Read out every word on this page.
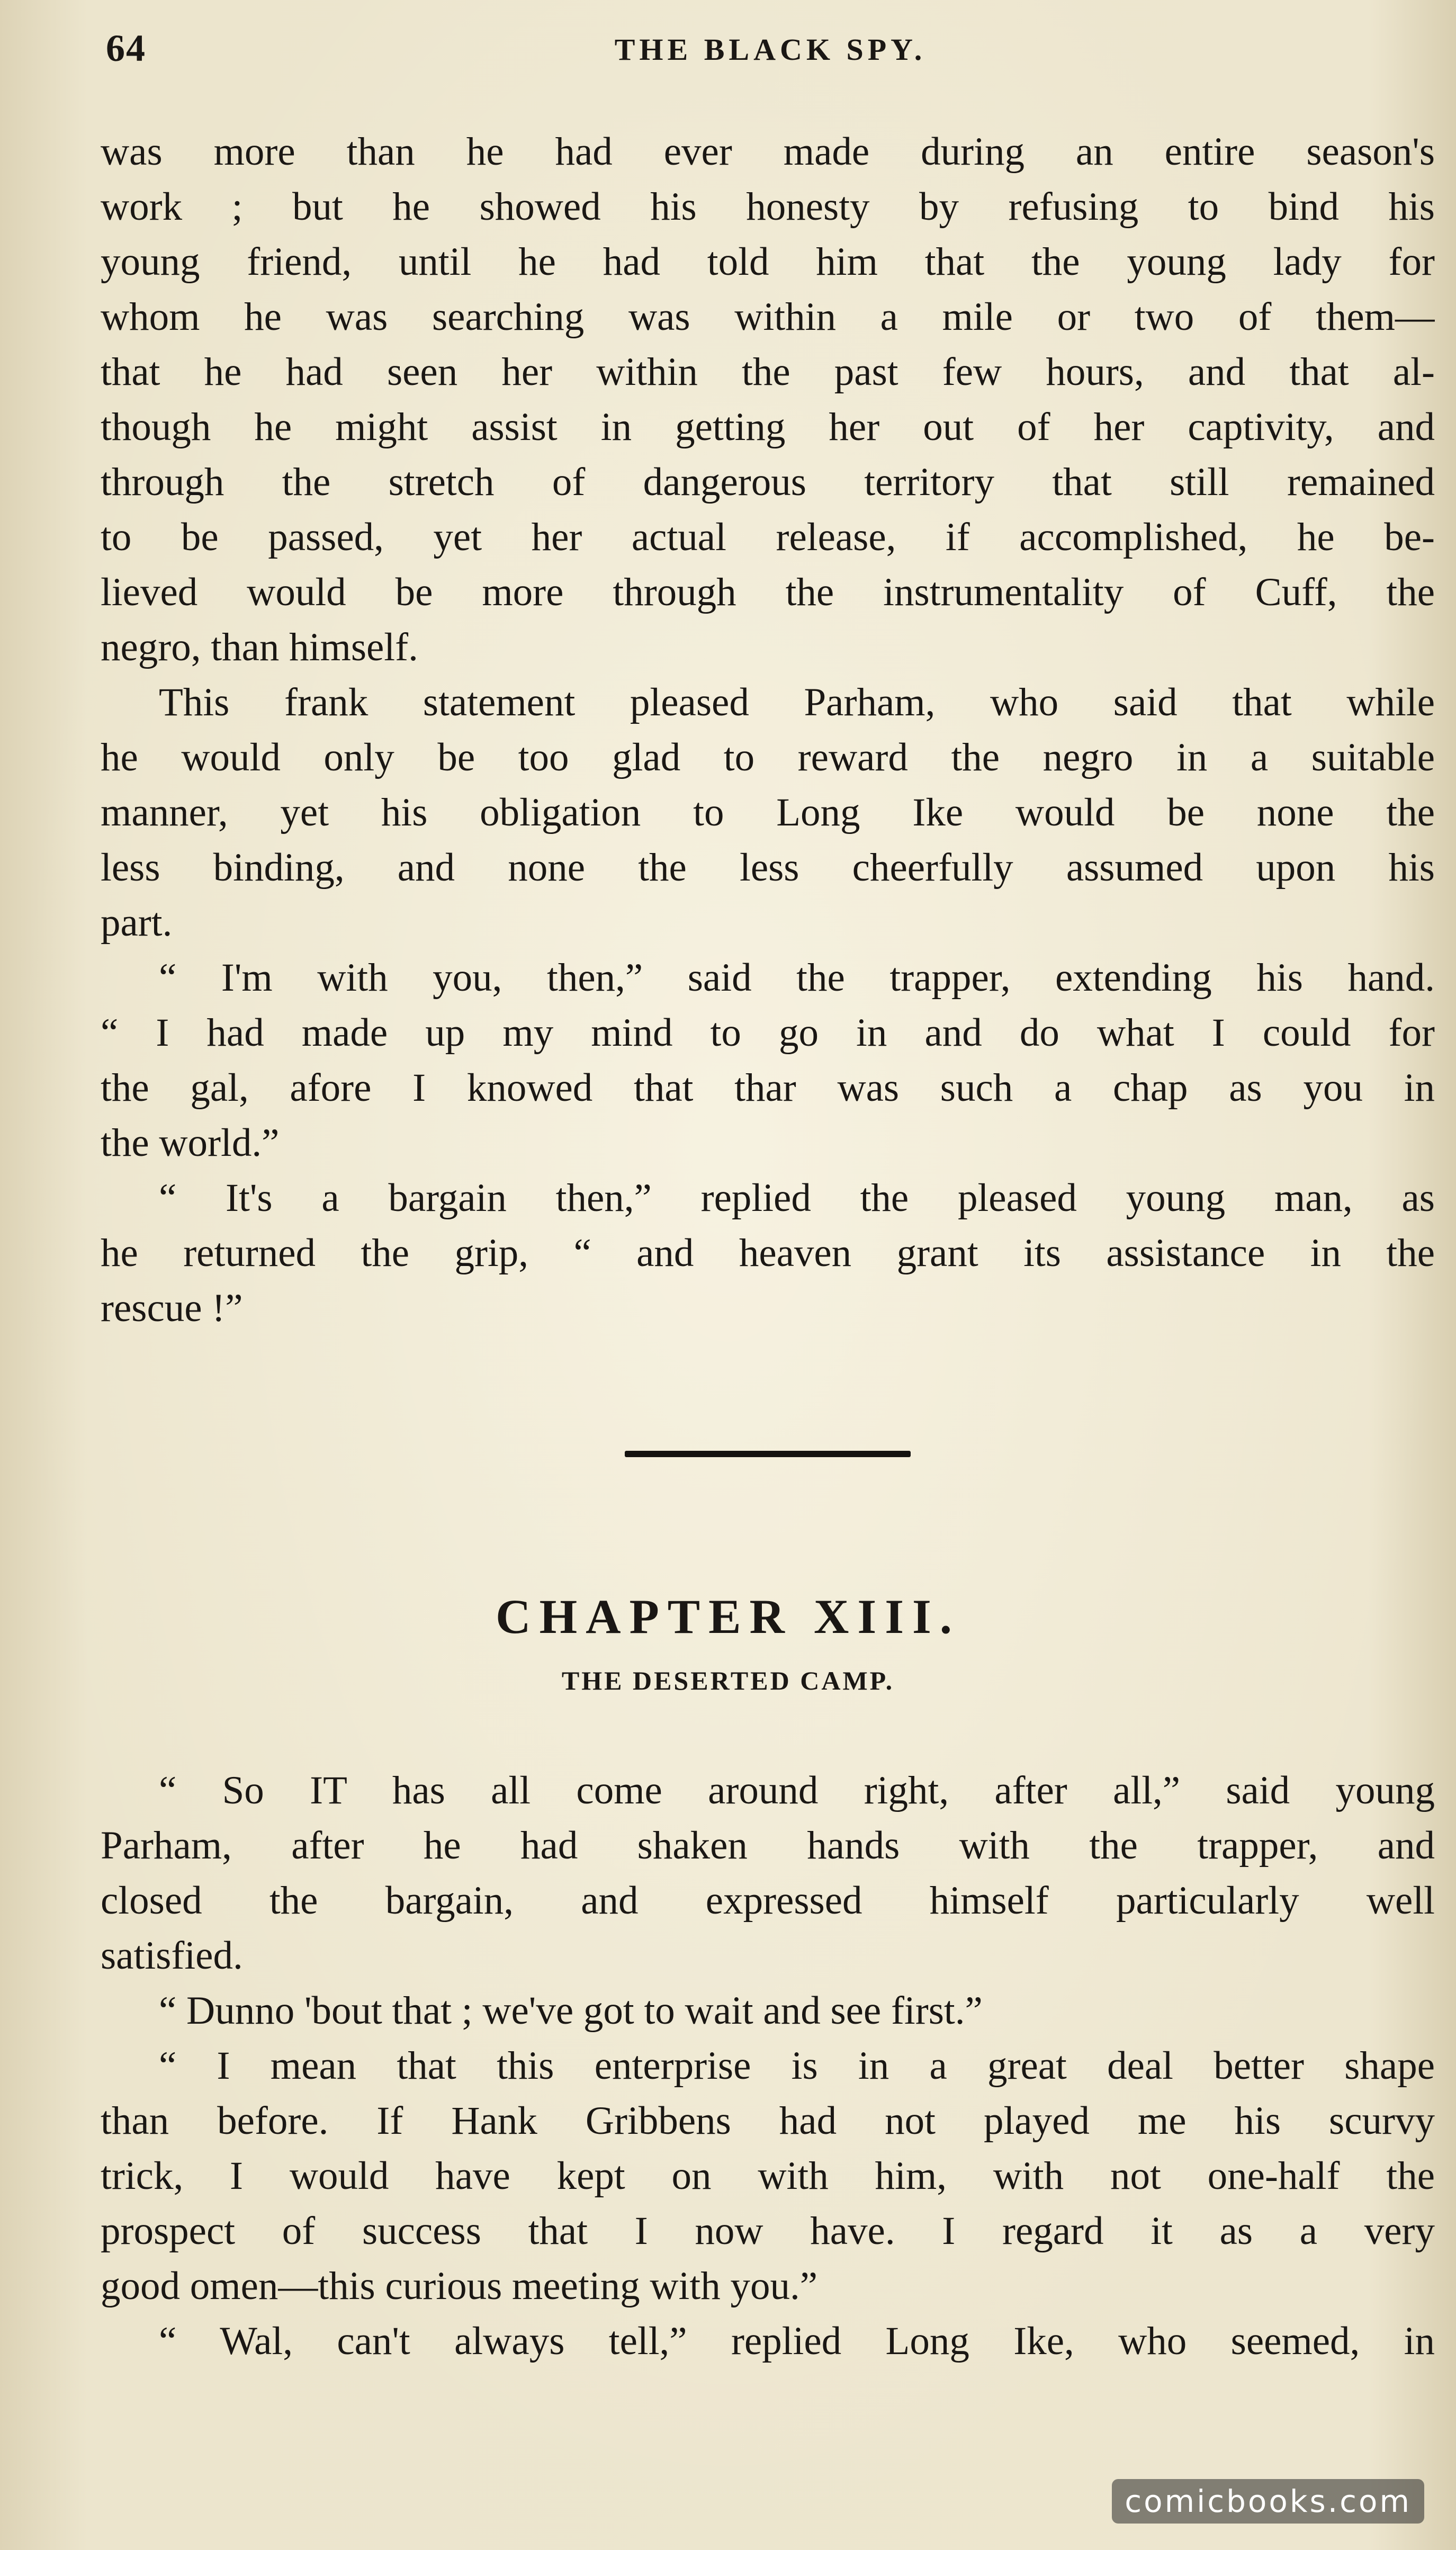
64	THE BLACK SPY.
was more than he had ever made during an entire season's
work ; but he showed his honesty by refusing to bind his
young friend, until he had told him that the young lady for
whom he was searching was within a mile or two of them—
that he had seen her within the past few hours, and that al-
though he might assist in getting her out of her captivity, and
through the stretch of dangerous territory that still remained
to be passed, yet her actual release, if accomplished, he be-
lieved would be more through the instrumentality of Cuff, the
negro, than himself.
This frank statement pleased Parham, who said that while
he would only be too glad to reward the negro in a suitable
manner, yet his obligation to Long Ike would be none the
less binding, and none the less cheerfully assumed upon his
part.
“ I'm with you, then,” said the trapper, extending his hand.
“ I had made up my mind to go in and do what I could for
the gal, afore I knowed that thar was such a chap as you in
the world.”
“ It's a bargain then,” replied the pleased young man, as
he returned the grip, “ and heaven grant its assistance in the
rescue !”
CHAPTER XIII.
THE DESERTED CAMP.
“ So IT has all come around right, after all,” said young
Parham, after he had shaken hands with the trapper, and
closed the bargain, and expressed himself particularly well
satisfied.
“ Dunno 'bout that ; we've got to wait and see first.”
“ I mean that this enterprise is in a great deal better shape
than before. If Hank Gribbens had not played me his scurvy
trick, I would have kept on with him, with not one-half the
prospect of success that I now have. I regard it as a very
good omen—this curious meeting with you.”
“ Wal, can't always tell,” replied Long Ike, who seemed, in
comicbooks.com
